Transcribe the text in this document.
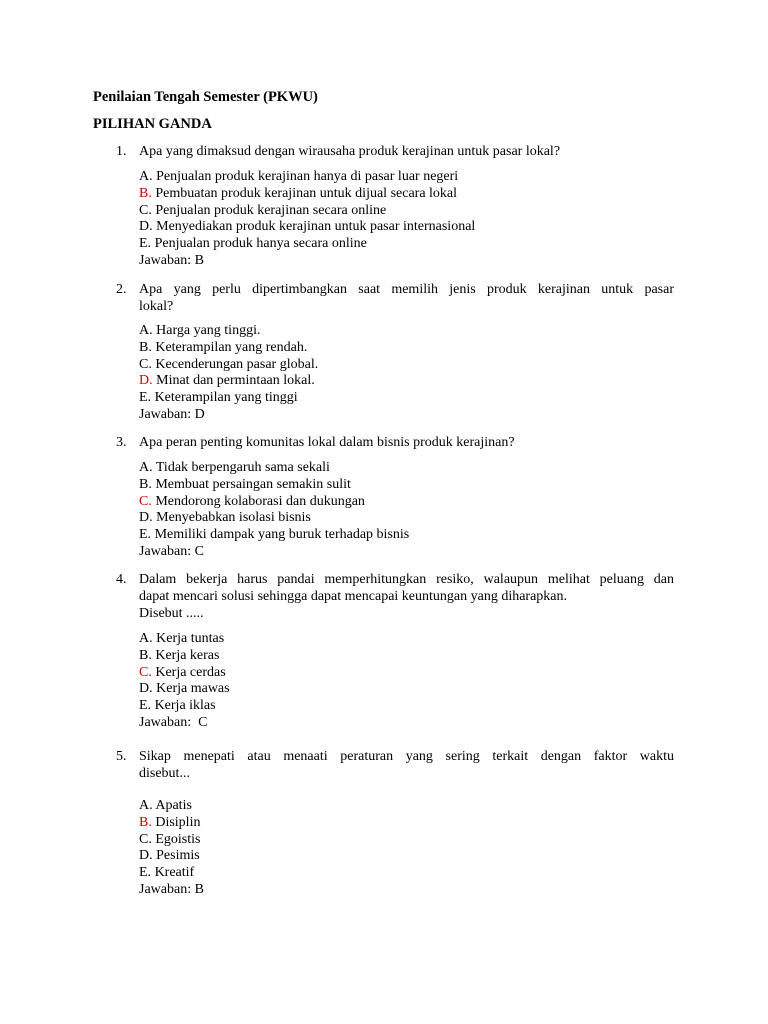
Penilaian Tengah Semester (PKWU)
PILIHAN GANDA
1. Apa yang dimaksud dengan wirausaha produk kerajinan untuk pasar lokal?
A. Penjualan produk kerajinan hanya di pasar luar negeri
B. Pembuatan produk kerajinan untuk dijual secara lokal
C. Penjualan produk kerajinan secara online
D. Menyediakan produk kerajinan untuk pasar internasional
E. Penjualan produk hanya secara online
Jawaban: B
2. Apa yang perlu dipertimbangkan saat memilih jenis produk kerajinan untuk pasar
lokal?
A. Harga yang tinggi.
B. Keterampilan yang rendah.
C. Kecenderungan pasar global.
D. Minat dan permintaan lokal.
E. Keterampilan yang tinggi
Jawaban: D
3. Apa peran penting komunitas lokal dalam bisnis produk kerajinan?
A. Tidak berpengaruh sama sekali
B. Membuat persaingan semakin sulit
C. Mendorong kolaborasi dan dukungan
D. Menyebabkan isolasi bisnis
E. Memiliki dampak yang buruk terhadap bisnis
Jawaban: C
4. Dalam bekerja harus pandai memperhitungkan resiko, walaupun melihat peluang dan
dapat mencari solusi sehingga dapat mencapai keuntungan yang diharapkan.
Disebut .....
A. Kerja tuntas
B. Kerja keras
C. Kerja cerdas
D. Kerja mawas
E. Kerja iklas
Jawaban:  C
5. Sikap menepati atau menaati peraturan yang sering terkait dengan faktor waktu
disebut...
A. Apatis
B. Disiplin
C. Egoistis
D. Pesimis
E. Kreatif
Jawaban: B
